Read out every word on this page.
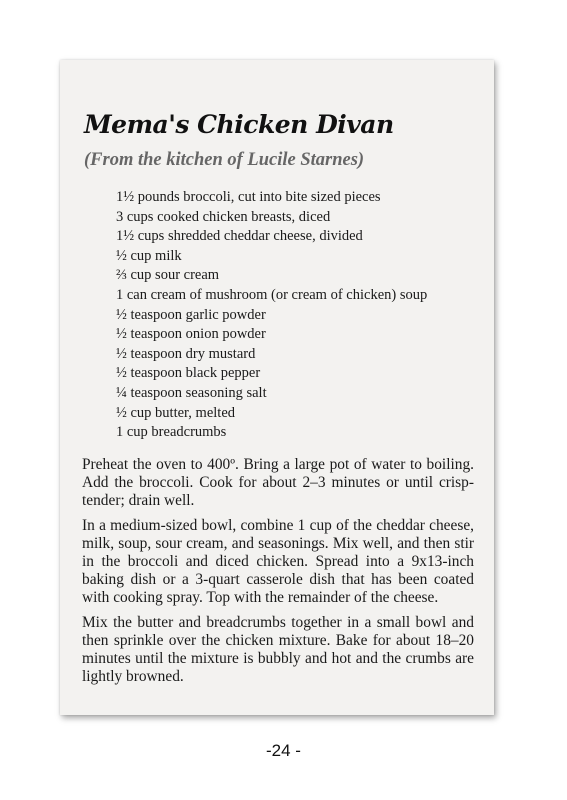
Mema's Chicken Divan
(From the kitchen of Lucile Starnes)
1½ pounds broccoli, cut into bite sized pieces
3 cups cooked chicken breasts, diced
1½ cups shredded cheddar cheese, divided
½ cup milk
⅔ cup sour cream
1 can cream of mushroom (or cream of chicken) soup
½ teaspoon garlic powder
½ teaspoon onion powder
½ teaspoon dry mustard
½ teaspoon black pepper
¼ teaspoon seasoning salt
½ cup butter, melted
1 cup breadcrumbs

Preheat the oven to 400º. Bring a large pot of water to boiling. Add the broccoli. Cook for about 2–3 minutes or until crisp-tender; drain well.

In a medium-sized bowl, combine 1 cup of the cheddar cheese, milk, soup, sour cream, and seasonings. Mix well, and then stir in the broccoli and diced chicken. Spread into a 9x13-inch baking dish or a 3-quart casserole dish that has been coated with cooking spray. Top with the remainder of the cheese.

Mix the butter and breadcrumbs together in a small bowl and then sprinkle over the chicken mixture. Bake for about 18–20 minutes until the mixture is bubbly and hot and the crumbs are lightly browned.

-24 -
